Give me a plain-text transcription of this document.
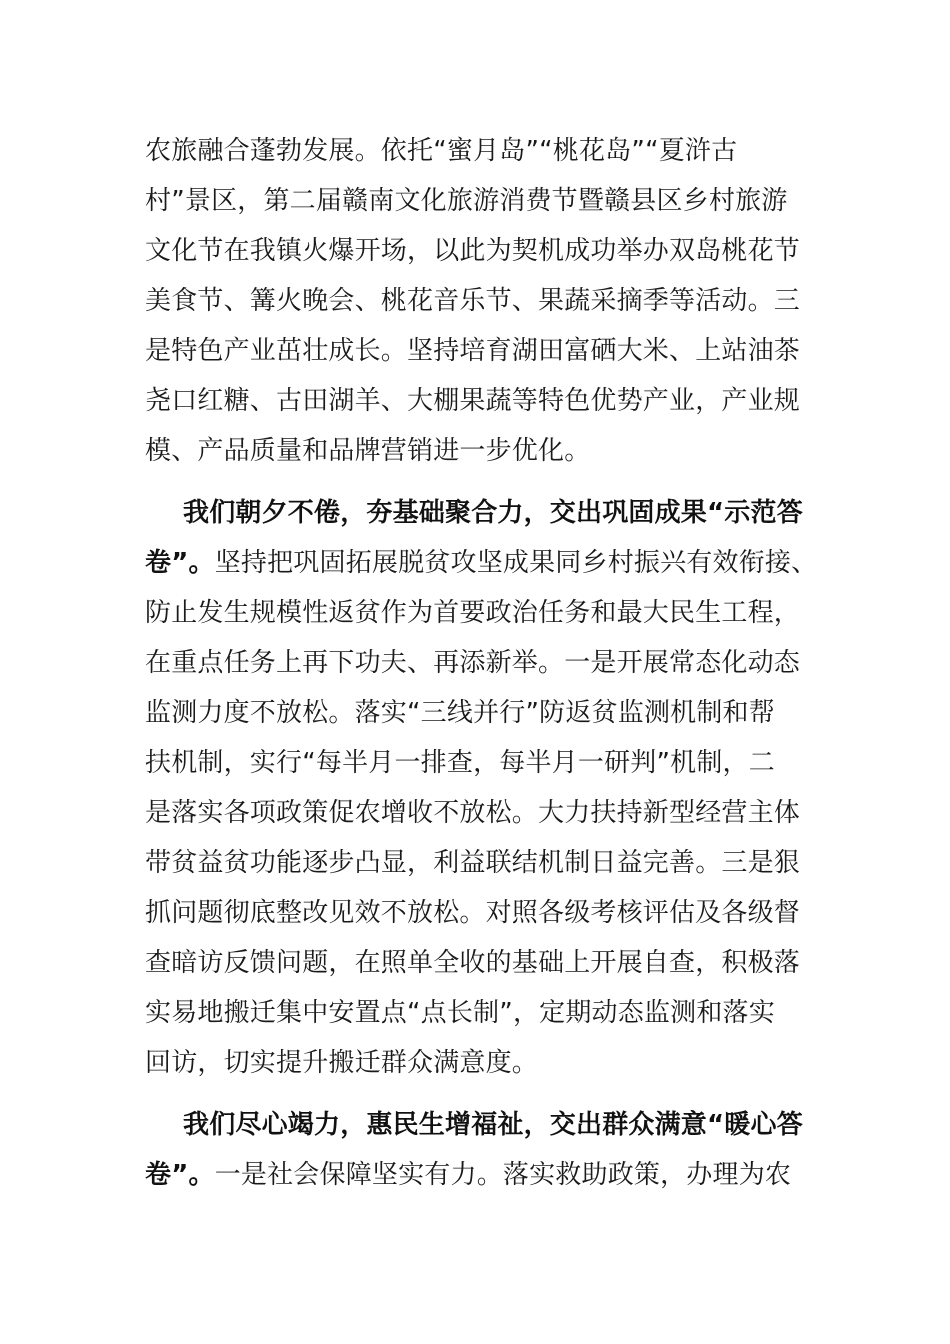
农旅融合蓬勃发展。依托“蜜月岛”“桃花岛”“夏浒古
村”景区，第二届赣南文化旅游消费节暨赣县区乡村旅游
文化节在我镇火爆开场，以此为契机成功举办双岛桃花节
美食节、篝火晚会、桃花音乐节、果蔬采摘季等活动。三
是特色产业茁壮成长。坚持培育湖田富硒大米、上站油茶
尧口红糖、古田湖羊、大棚果蔬等特色优势产业，产业规
模、产品质量和品牌营销进一步优化。
我们朝夕不倦，夯基础聚合力，交出巩固成果“示范答
卷”。坚持把巩固拓展脱贫攻坚成果同乡村振兴有效衔接、
防止发生规模性返贫作为首要政治任务和最大民生工程，
在重点任务上再下功夫、再添新举。一是开展常态化动态
监测力度不放松。落实“三线并行”防返贫监测机制和帮
扶机制，实行“每半月一排查，每半月一研判”机制，二
是落实各项政策促农增收不放松。大力扶持新型经营主体
带贫益贫功能逐步凸显，利益联结机制日益完善。三是狠
抓问题彻底整改见效不放松。对照各级考核评估及各级督
查暗访反馈问题，在照单全收的基础上开展自查，积极落
实易地搬迁集中安置点“点长制”，定期动态监测和落实
回访，切实提升搬迁群众满意度。
我们尽心竭力，惠民生增福祉，交出群众满意“暖心答
卷”。一是社会保障坚实有力。落实救助政策，办理为农
